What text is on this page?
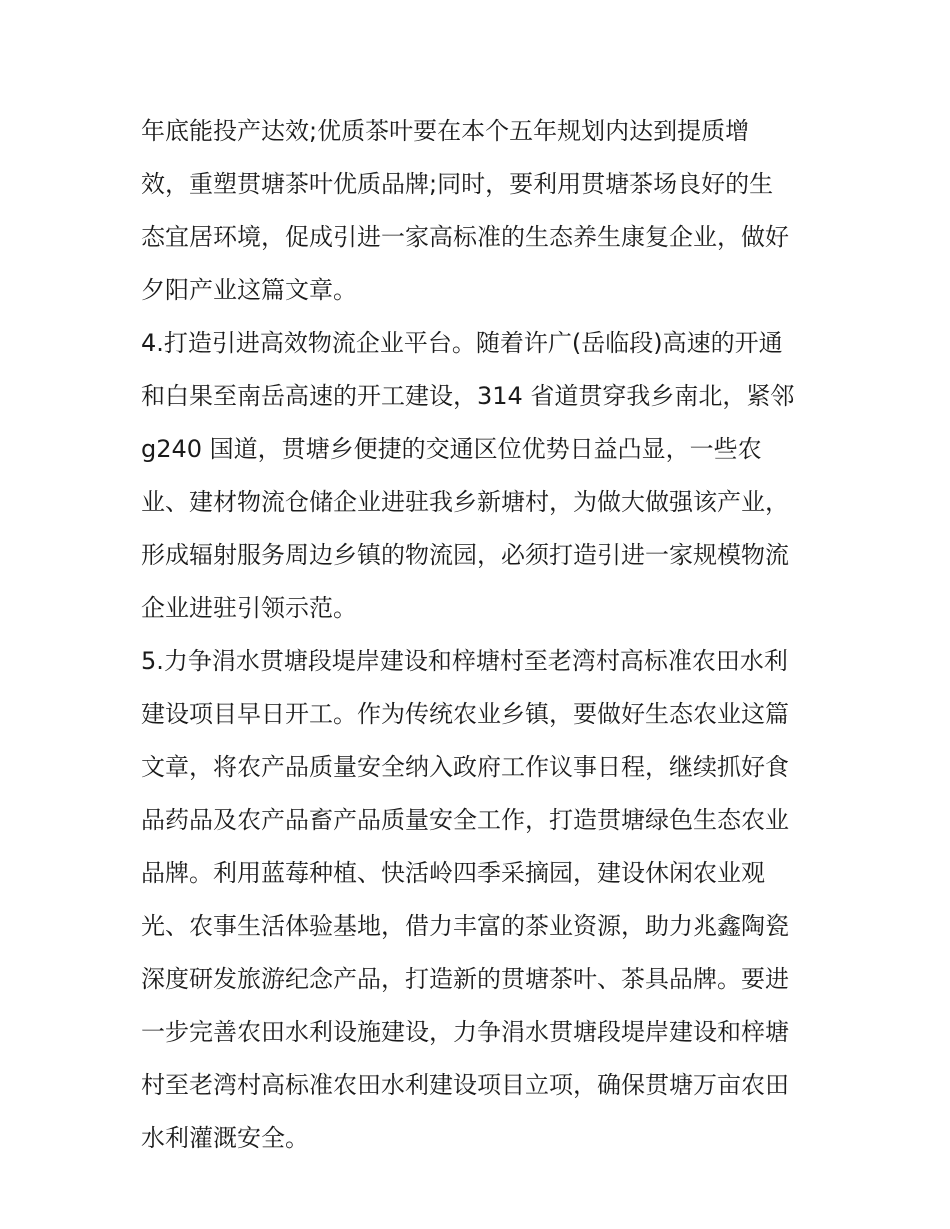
年底能投产达效;优质茶叶要在本个五年规划内达到提质增
效，重塑贯塘茶叶优质品牌;同时，要利用贯塘茶场良好的生
态宜居环境，促成引进一家高标准的生态养生康复企业，做好
夕阳产业这篇文章。
4.打造引进高效物流企业平台。随着许广(岳临段)高速的开通
和白果至南岳高速的开工建设，314 省道贯穿我乡南北，紧邻
g240 国道，贯塘乡便捷的交通区位优势日益凸显，一些农
业、建材物流仓储企业进驻我乡新塘村，为做大做强该产业，
形成辐射服务周边乡镇的物流园，必须打造引进一家规模物流
企业进驻引领示范。
5.力争涓水贯塘段堤岸建设和梓塘村至老湾村高标准农田水利
建设项目早日开工。作为传统农业乡镇，要做好生态农业这篇
文章，将农产品质量安全纳入政府工作议事日程，继续抓好食
品药品及农产品畜产品质量安全工作，打造贯塘绿色生态农业
品牌。利用蓝莓种植、快活岭四季采摘园，建设休闲农业观
光、农事生活体验基地，借力丰富的茶业资源，助力兆鑫陶瓷
深度研发旅游纪念产品，打造新的贯塘茶叶、茶具品牌。要进
一步完善农田水利设施建设，力争涓水贯塘段堤岸建设和梓塘
村至老湾村高标准农田水利建设项目立项，确保贯塘万亩农田
水利灌溉安全。
